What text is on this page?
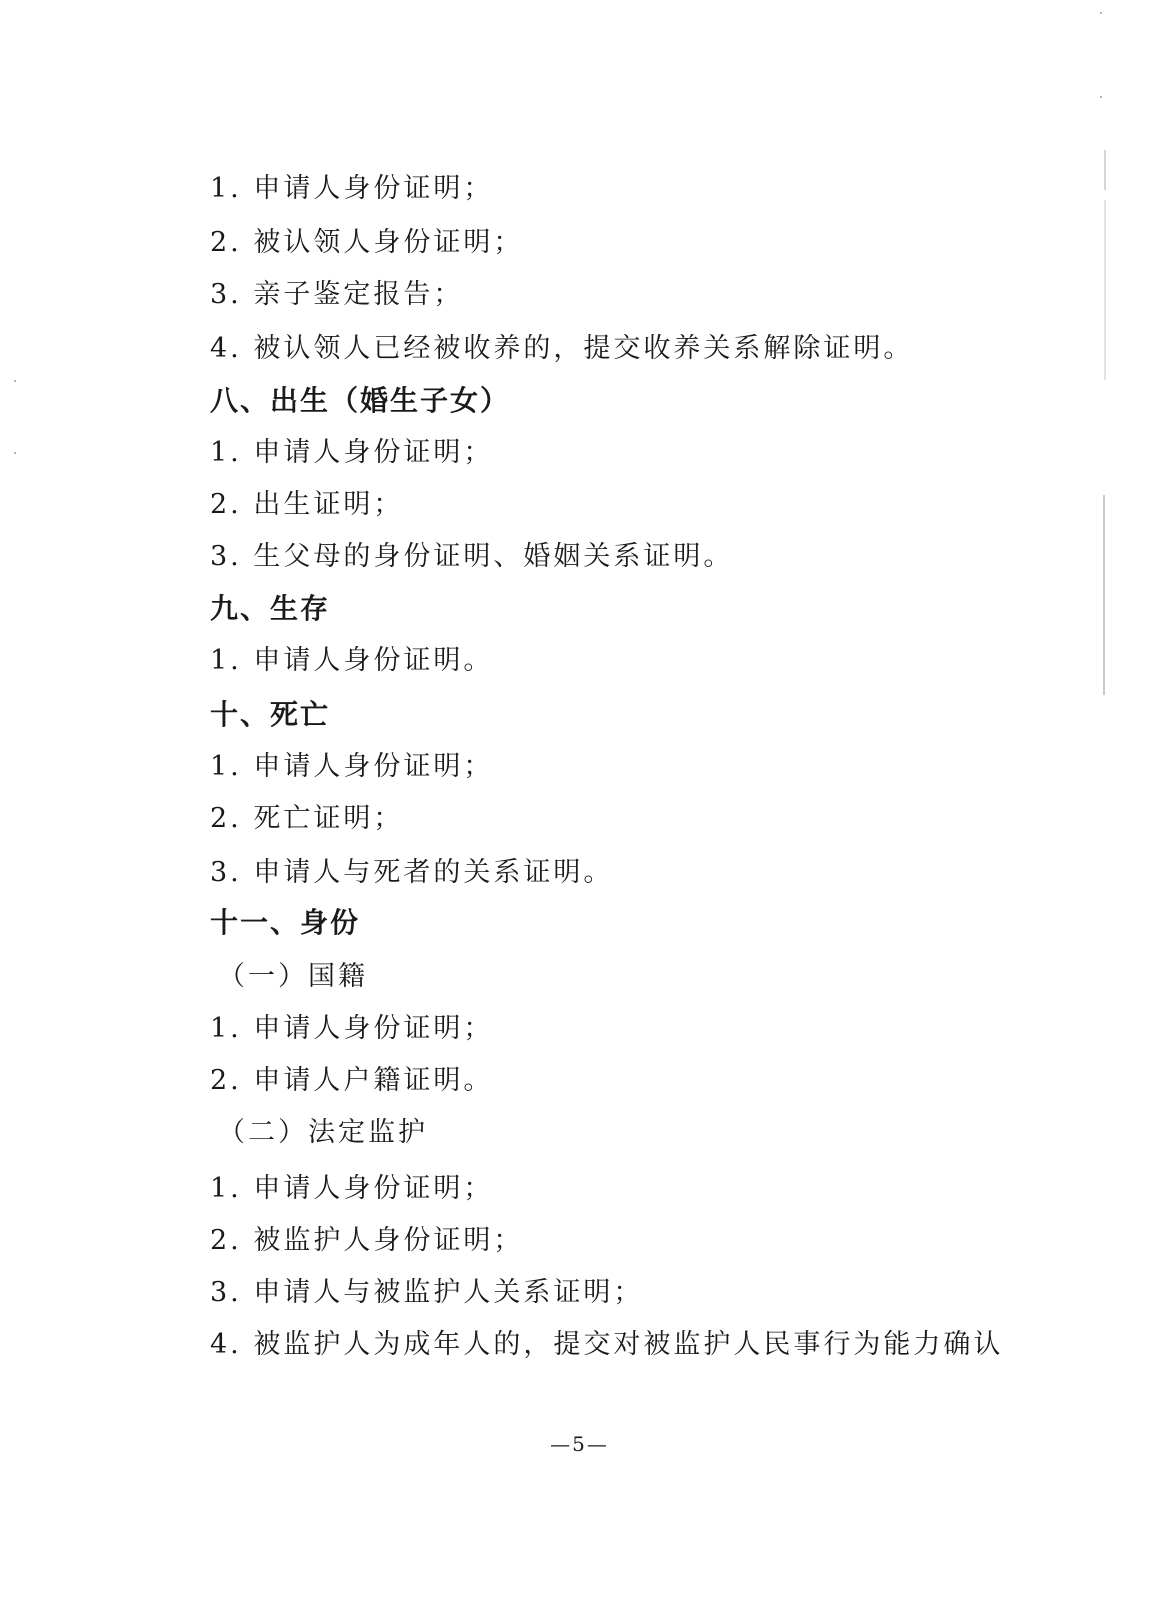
1. 申请人身份证明；
2. 被认领人身份证明；
3. 亲子鉴定报告；
4. 被认领人已经被收养的，提交收养关系解除证明。
八、出生（婚生子女）
1. 申请人身份证明；
2. 出生证明；
3. 生父母的身份证明、婚姻关系证明。
九、生存
1. 申请人身份证明。
十、死亡
1. 申请人身份证明；
2. 死亡证明；
3. 申请人与死者的关系证明。
十一、身份
（一）国籍
1. 申请人身份证明；
2. 申请人户籍证明。
（二）法定监护
1. 申请人身份证明；
2. 被监护人身份证明；
3. 申请人与被监护人关系证明；
4. 被监护人为成年人的，提交对被监护人民事行为能力确认
—5—
